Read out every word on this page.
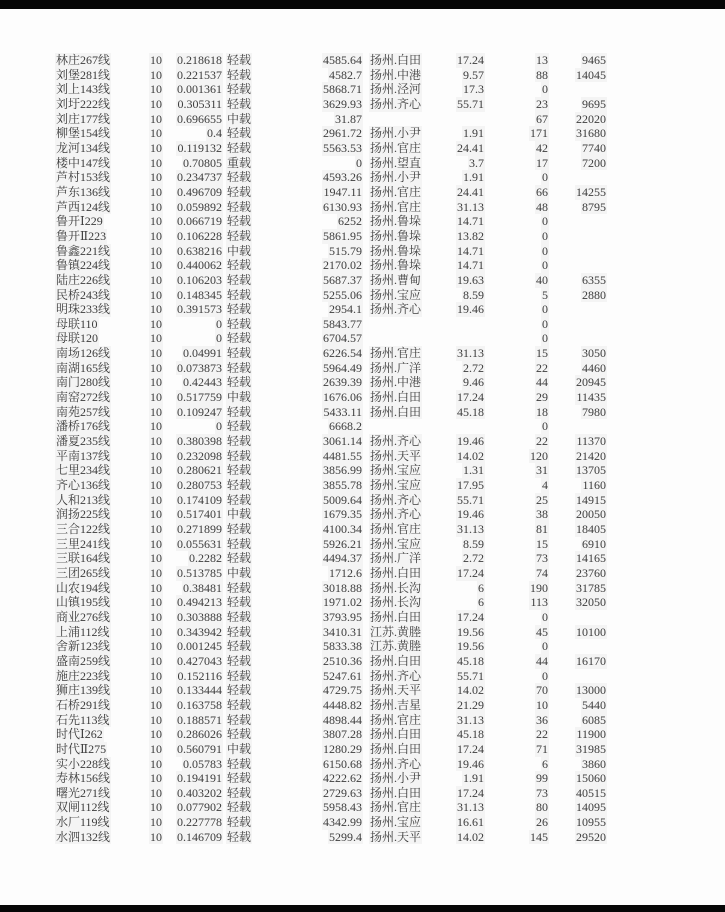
林庄267线	10	0.218618	轻载	4585.64	扬州.白田	17.24	13	9465
刘堡281线	10	0.221537	轻载	4582.7	扬州.中港	9.57	88	14045
刘上143线	10	0.001361	轻载	5868.71	扬州.泾河	17.3	0	
刘圩222线	10	0.305311	轻载	3629.93	扬州.齐心	55.71	23	9695
刘庄177线	10	0.696655	中载	31.87			67	22020
柳堡154线	10	0.4	轻载	2961.72	扬州.小尹	1.91	171	31680
龙河134线	10	0.119132	轻载	5563.53	扬州.官庄	24.41	42	7740
楼中147线	10	0.70805	重载	0	扬州.望直	3.7	17	7200
芦村153线	10	0.234737	轻载	4593.26	扬州.小尹	1.91	0	
芦东136线	10	0.496709	轻载	1947.11	扬州.官庄	24.41	66	14255
芦西124线	10	0.059892	轻载	6130.93	扬州.官庄	31.13	48	8795
鲁开Ⅰ229	10	0.066719	轻载	6252	扬州.鲁垛	14.71	0	
鲁开Ⅱ223	10	0.106228	轻载	5861.95	扬州.鲁垛	13.82	0	
鲁鑫221线	10	0.638216	中载	515.79	扬州.鲁垛	14.71	0	
鲁镇224线	10	0.440062	轻载	2170.02	扬州.鲁垛	14.71	0	
陆庄226线	10	0.106203	轻载	5687.37	扬州.曹甸	19.63	40	6355
民桥243线	10	0.148345	轻载	5255.06	扬州.宝应	8.59	5	2880
明珠233线	10	0.391573	轻载	2954.1	扬州.齐心	19.46	0	
母联110	10	0	轻载	5843.77			0	
母联120	10	0	轻载	6704.57			0	
南场126线	10	0.04991	轻载	6226.54	扬州.官庄	31.13	15	3050
南湖165线	10	0.073873	轻载	5964.49	扬州.广洋	2.72	22	4460
南门280线	10	0.42443	轻载	2639.39	扬州.中港	9.46	44	20945
南窑272线	10	0.517759	中载	1676.06	扬州.白田	17.24	29	11435
南苑257线	10	0.109247	轻载	5433.11	扬州.白田	45.18	18	7980
潘桥176线	10	0	轻载	6668.2			0	
潘夏235线	10	0.380398	轻载	3061.14	扬州.齐心	19.46	22	11370
平南137线	10	0.232098	轻载	4481.55	扬州.天平	14.02	120	21420
七里234线	10	0.280621	轻载	3856.99	扬州.宝应	1.31	31	13705
齐心136线	10	0.280753	轻载	3855.78	扬州.宝应	17.95	4	1160
人和213线	10	0.174109	轻载	5009.64	扬州.齐心	55.71	25	14915
润扬225线	10	0.517401	中载	1679.35	扬州.齐心	19.46	38	20050
三合122线	10	0.271899	轻载	4100.34	扬州.官庄	31.13	81	18405
三里241线	10	0.055631	轻载	5926.21	扬州.宝应	8.59	15	6910
三联164线	10	0.2282	轻载	4494.37	扬州.广洋	2.72	73	14165
三团265线	10	0.513785	中载	1712.6	扬州.白田	17.24	74	23760
山农194线	10	0.38481	轻载	3018.88	扬州.长沟	6	190	31785
山镇195线	10	0.494213	轻载	1971.02	扬州.长沟	6	113	32050
商业276线	10	0.303888	轻载	3793.95	扬州.白田	17.24	0	
上浦112线	10	0.343942	轻载	3410.31	江苏.黄塍	19.56	45	10100
舍新123线	10	0.001245	轻载	5833.38	江苏.黄塍	19.56	0	
盛南259线	10	0.427043	轻载	2510.36	扬州.白田	45.18	44	16170
施庄223线	10	0.152116	轻载	5247.61	扬州.齐心	55.71	0	
狮庄139线	10	0.133444	轻载	4729.75	扬州.天平	14.02	70	13000
石桥291线	10	0.163758	轻载	4448.82	扬州.吉星	21.29	10	5440
石先113线	10	0.188571	轻载	4898.44	扬州.官庄	31.13	36	6085
时代Ⅰ262	10	0.286026	轻载	3807.28	扬州.白田	45.18	22	11900
时代Ⅱ275	10	0.560791	中载	1280.29	扬州.白田	17.24	71	31985
实小228线	10	0.05783	轻载	6150.68	扬州.齐心	19.46	6	3860
寿林156线	10	0.194191	轻载	4222.62	扬州.小尹	1.91	99	15060
曙光271线	10	0.403202	轻载	2729.63	扬州.白田	17.24	73	40515
双闸112线	10	0.077902	轻载	5958.43	扬州.官庄	31.13	80	14095
水厂119线	10	0.227778	轻载	4342.99	扬州.宝应	16.61	26	10955
水泗132线	10	0.146709	轻载	5299.4	扬州.天平	14.02	145	29520
